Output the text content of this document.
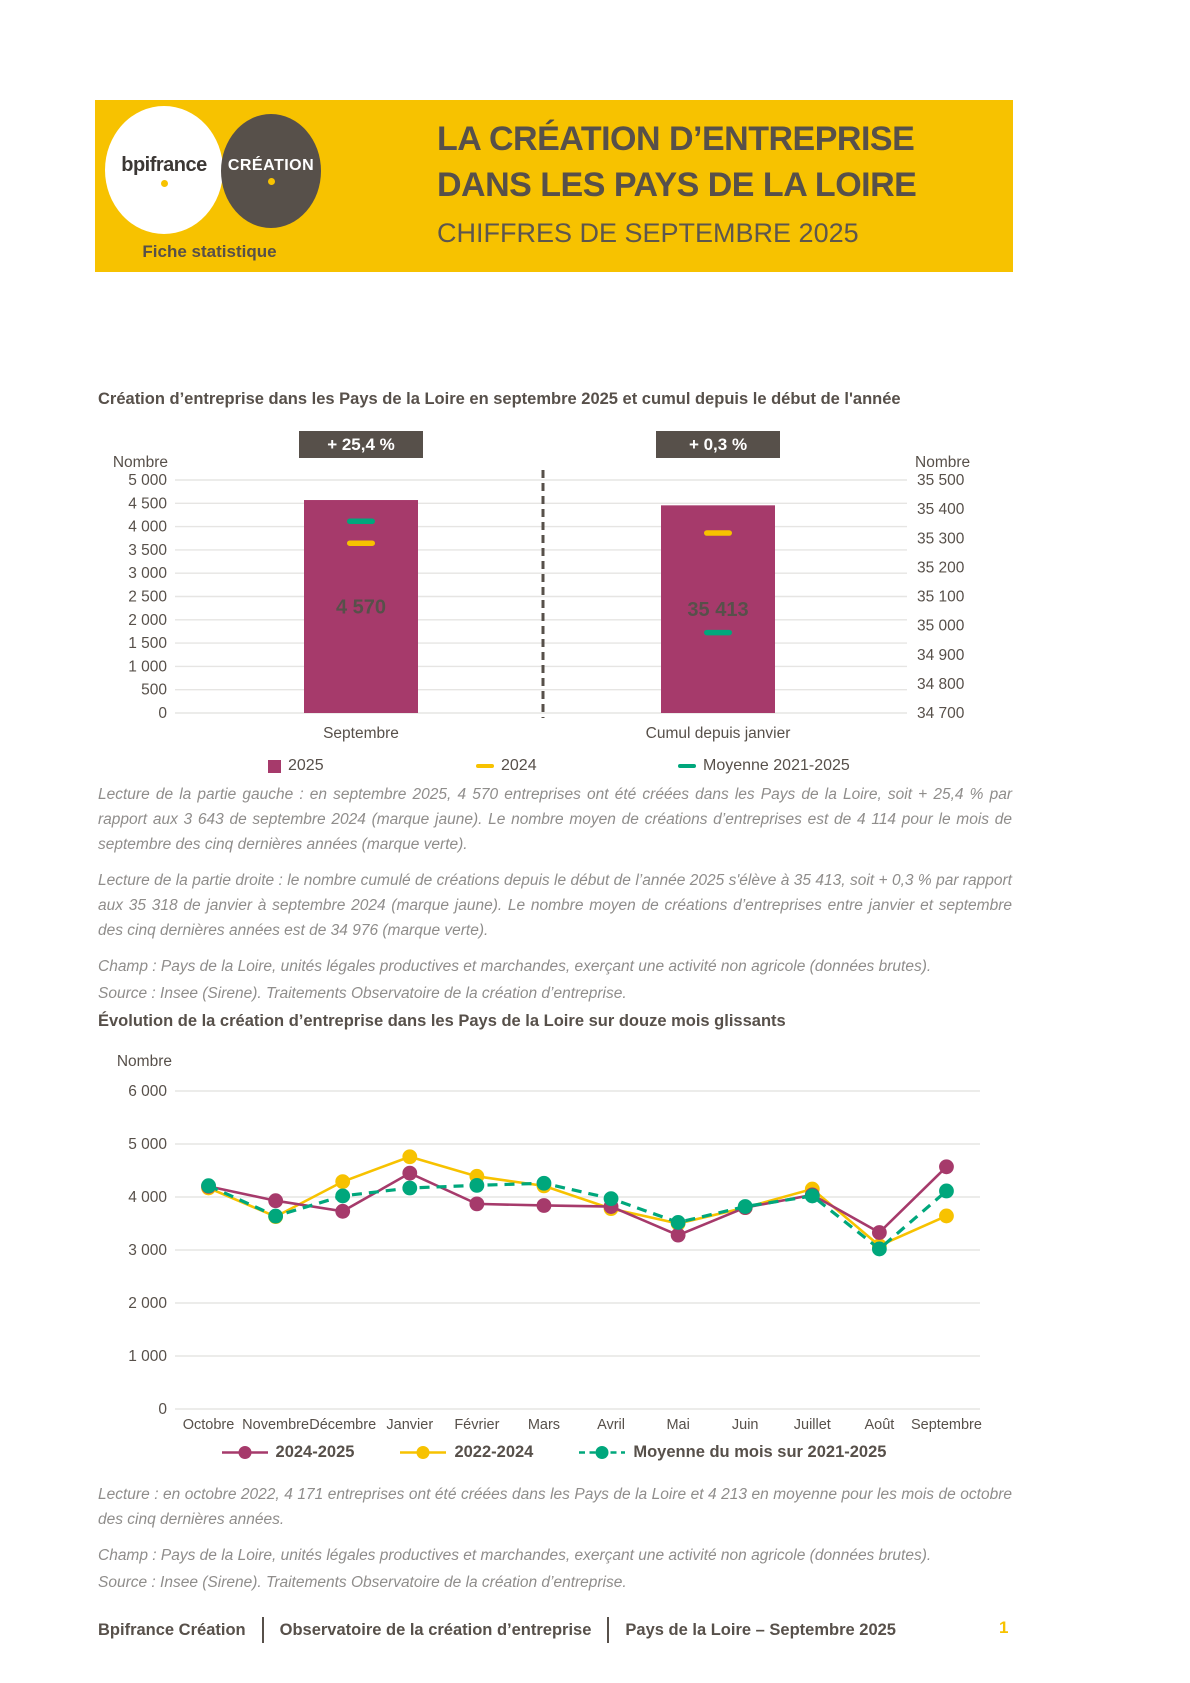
bpifrance CRÉATION
Fiche statistique
LA CRÉATION D’ENTREPRISE
DANS LES PAYS DE LA LOIRE
CHIFFRES DE SEPTEMBRE 2025
Création d’entreprise dans les Pays de la Loire en septembre 2025 et cumul depuis le début de l'année
Nombre	Nombre
+ 25,4 %	+ 0,3 %
0
500
1 000
1 500
2 000
2 500
3 000
3 500
4 000
4 500
5 000	35 500
35 400
35 300
35 200
35 100
35 000
34 900
34 800
34 700
4 570
Septembre
35 413
Cumul depuis janvier
2025	2024	Moyenne 2021-2025

Lecture de la partie gauche : en septembre 2025, 4 570 entreprises ont été créées dans les Pays de la Loire, soit + 25,4 % par rapport aux 3 643 de septembre 2024 (marque jaune). Le nombre moyen de créations d’entreprises est de 4 114 pour le mois de septembre des cinq dernières années (marque verte).

Lecture de la partie droite : le nombre cumulé de créations depuis le début de l’année 2025 s'élève à 35 413, soit + 0,3 % par rapport aux 35 318 de janvier à septembre 2024 (marque jaune). Le nombre moyen de créations d’entreprises entre janvier et septembre des cinq dernières années est de 34 976 (marque verte).

Champ : Pays de la Loire, unités légales productives et marchandes, exerçant une activité non agricole (données brutes).

Source : Insee (Sirene). Traitements Observatoire de la création d’entreprise.

Évolution de la création d’entreprise dans les Pays de la Loire sur douze mois glissants
Nombre
0
1 000
2 000
3 000
4 000
5 000
6 000
Octobre Novembre Décembre Janvier Février Mars	Avril	Mai	Juin Juillet Août Septembre
2024-2025	2022-2024	Moyenne du mois sur 2021-2025

Lecture : en octobre 2022, 4 171 entreprises ont été créées dans les Pays de la Loire et 4 213 en moyenne pour les mois de octobre des cinq dernières années.

Champ : Pays de la Loire, unités légales productives et marchandes, exerçant une activité non agricole (données brutes).

Source : Insee (Sirene). Traitements Observatoire de la création d’entreprise.

Bpifrance Création Observatoire de la création d’entreprise Pays de la Loire – Septembre 2025	1
